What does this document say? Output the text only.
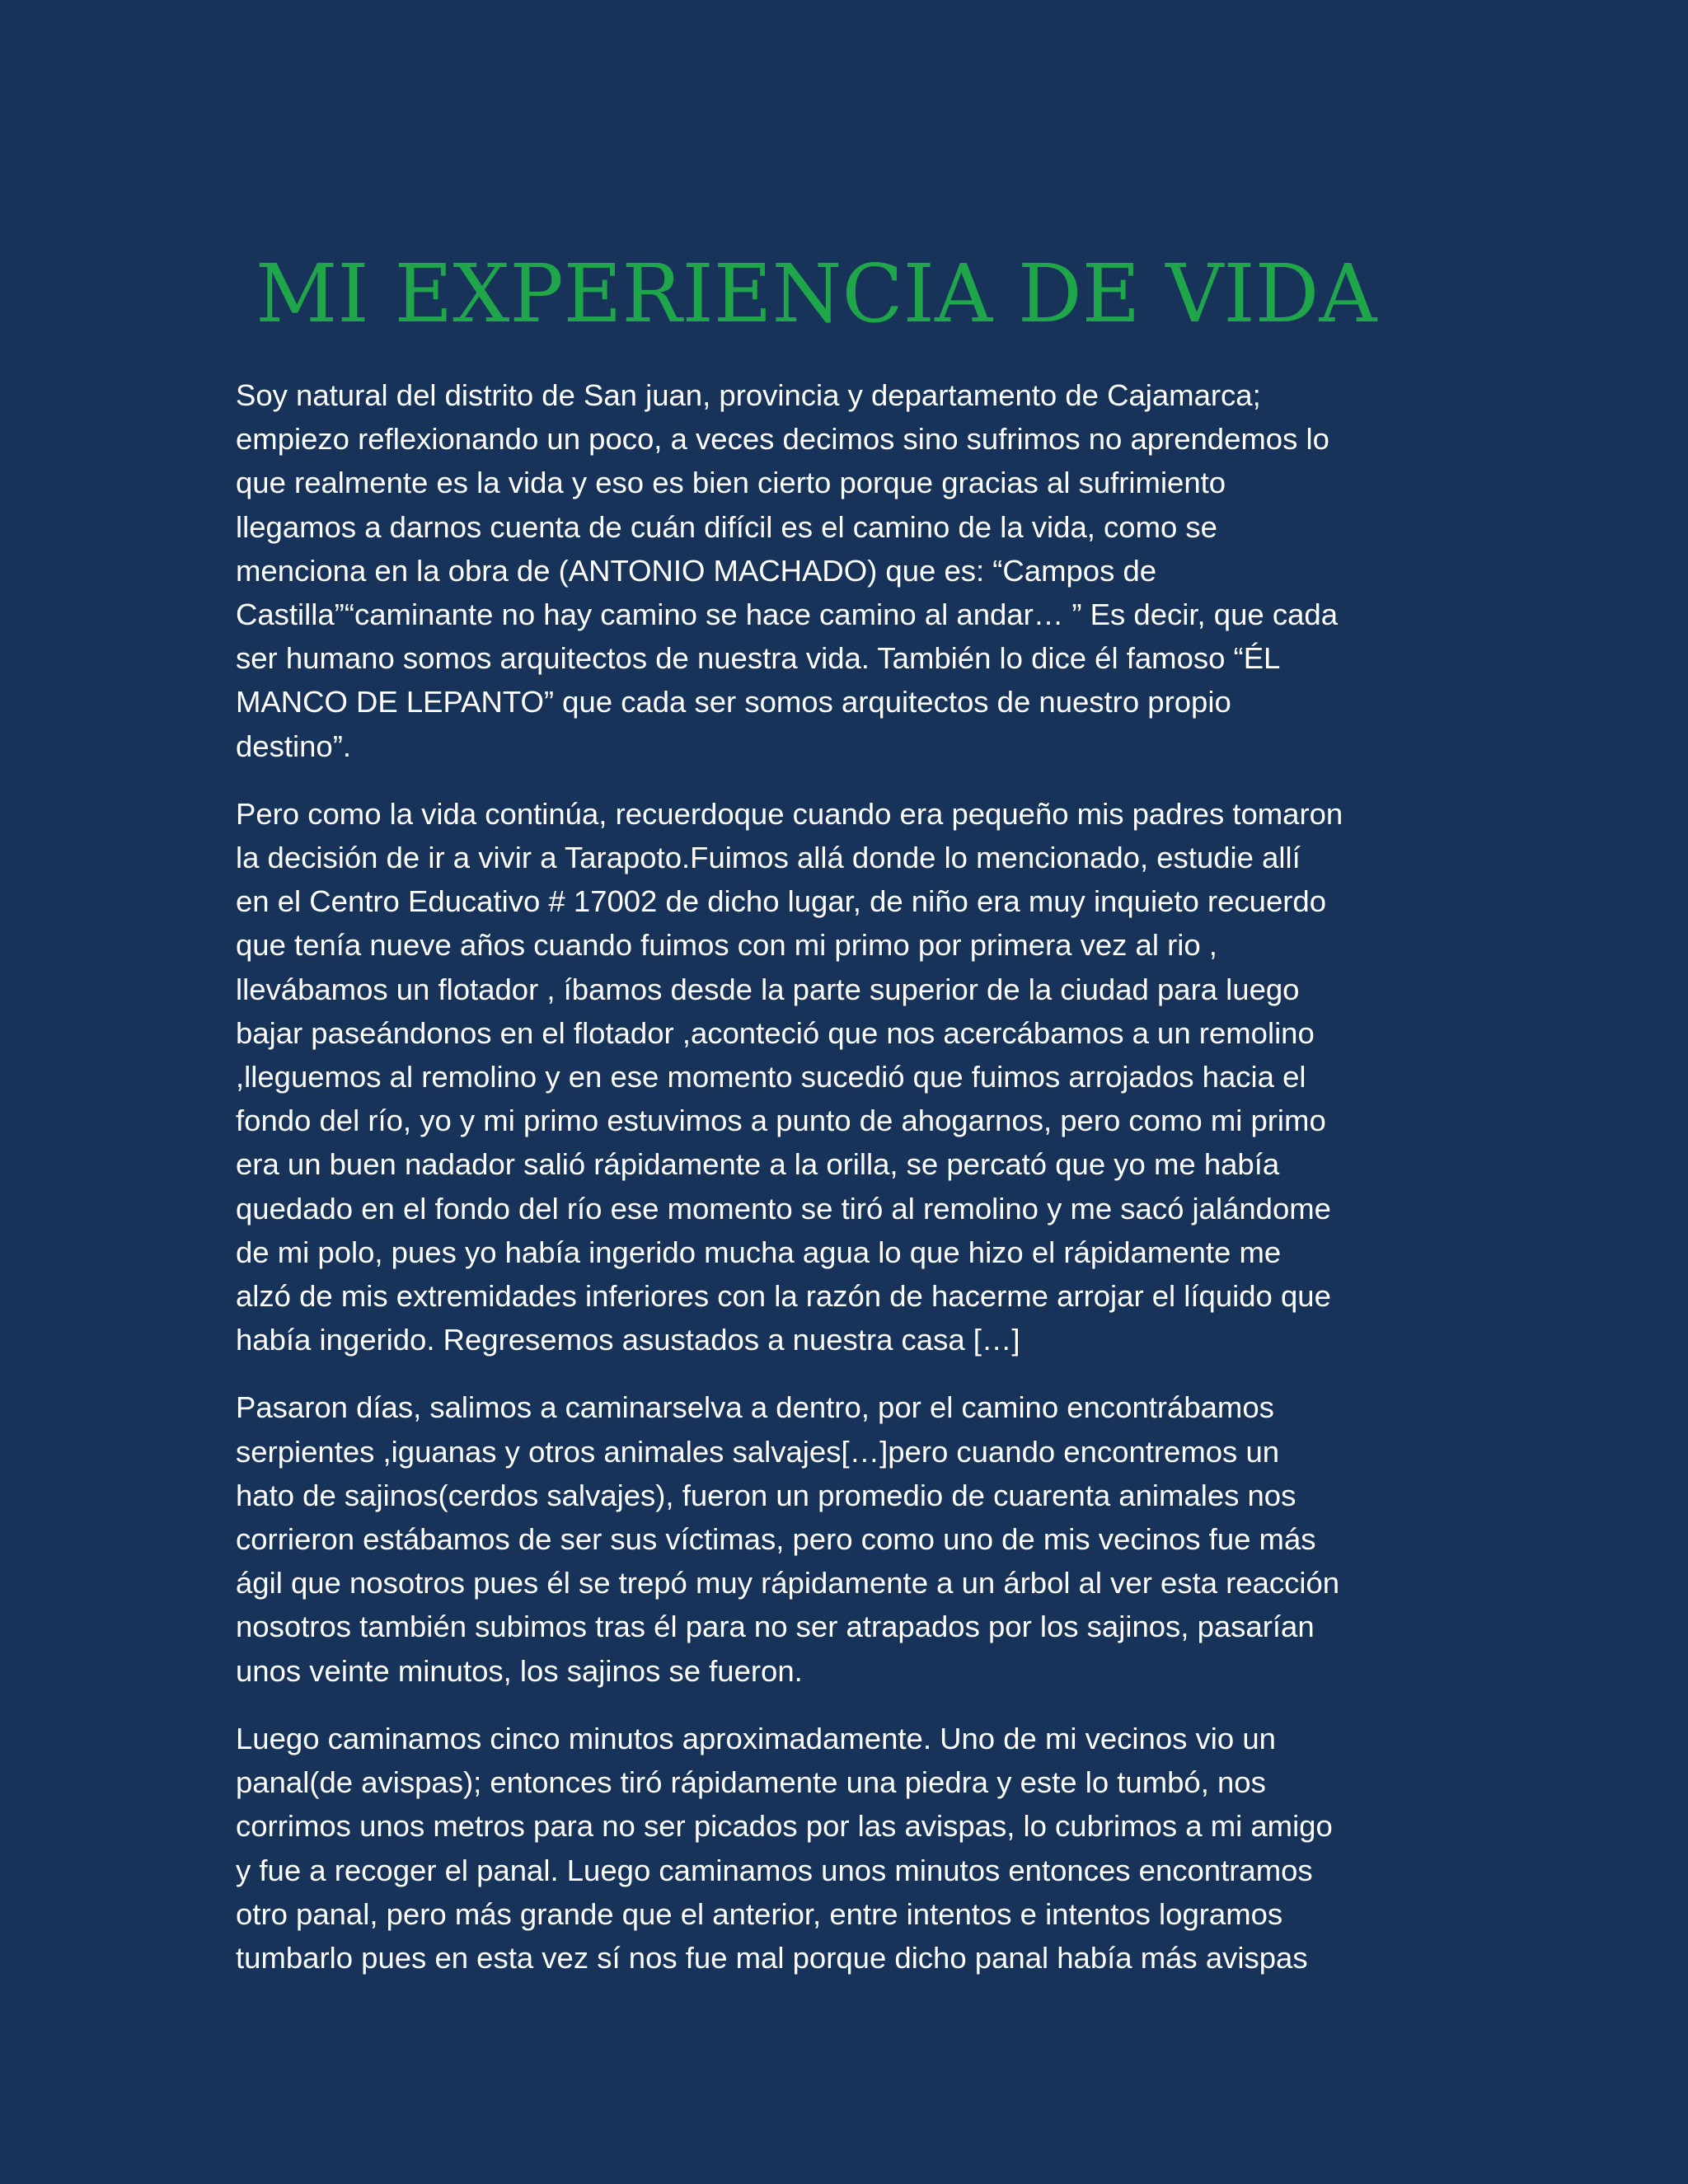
MI EXPERIENCIA DE VIDA

Soy natural del distrito de San juan, provincia y departamento de Cajamarca;
empiezo reflexionando un poco, a veces decimos sino sufrimos no aprendemos lo
que realmente es la vida y eso es bien cierto porque gracias al sufrimiento
llegamos a darnos cuenta de cuán difícil es el camino de la vida, como se
menciona en la obra de (ANTONIO MACHADO) que es: “Campos de
Castilla”“caminante no hay camino se hace camino al andar… ” Es decir, que cada
ser humano somos arquitectos de nuestra vida. También lo dice él famoso “ÉL
MANCO DE LEPANTO” que cada ser somos arquitectos de nuestro propio
destino”.

Pero como la vida continúa, recuerdoque cuando era pequeño mis padres tomaron
la decisión de ir a vivir a Tarapoto.Fuimos allá donde lo mencionado, estudie allí
en el Centro Educativo # 17002 de dicho lugar, de niño era muy inquieto recuerdo
que tenía nueve años cuando fuimos con mi primo por primera vez al rio ,
llevábamos un flotador , íbamos desde la parte superior de la ciudad para luego
bajar paseándonos en el flotador ,aconteció que nos acercábamos a un remolino
,lleguemos al remolino y en ese momento sucedió que fuimos arrojados hacia el
fondo del río, yo y mi primo estuvimos a punto de ahogarnos, pero como mi primo
era un buen nadador salió rápidamente a la orilla, se percató que yo me había
quedado en el fondo del río ese momento se tiró al remolino y me sacó jalándome
de mi polo, pues yo había ingerido mucha agua lo que hizo el rápidamente me
alzó de mis extremidades inferiores con la razón de hacerme arrojar el líquido que
había ingerido. Regresemos asustados a nuestra casa […]

Pasaron días, salimos a caminarselva a dentro, por el camino encontrábamos
serpientes ,iguanas y otros animales salvajes[…]pero cuando encontremos un
hato de sajinos(cerdos salvajes), fueron un promedio de cuarenta animales nos
corrieron estábamos de ser sus víctimas, pero como uno de mis vecinos fue más
ágil que nosotros pues él se trepó muy rápidamente a un árbol al ver esta reacción
nosotros también subimos tras él para no ser atrapados por los sajinos, pasarían
unos veinte minutos, los sajinos se fueron.

Luego caminamos cinco minutos aproximadamente. Uno de mi vecinos vio un
panal(de avispas); entonces tiró rápidamente una piedra y este lo tumbó, nos
corrimos unos metros para no ser picados por las avispas, lo cubrimos a mi amigo
y fue a recoger el panal. Luego caminamos unos minutos entonces encontramos
otro panal, pero más grande que el anterior, entre intentos e intentos logramos
tumbarlo pues en esta vez sí nos fue mal porque dicho panal había más avispas
